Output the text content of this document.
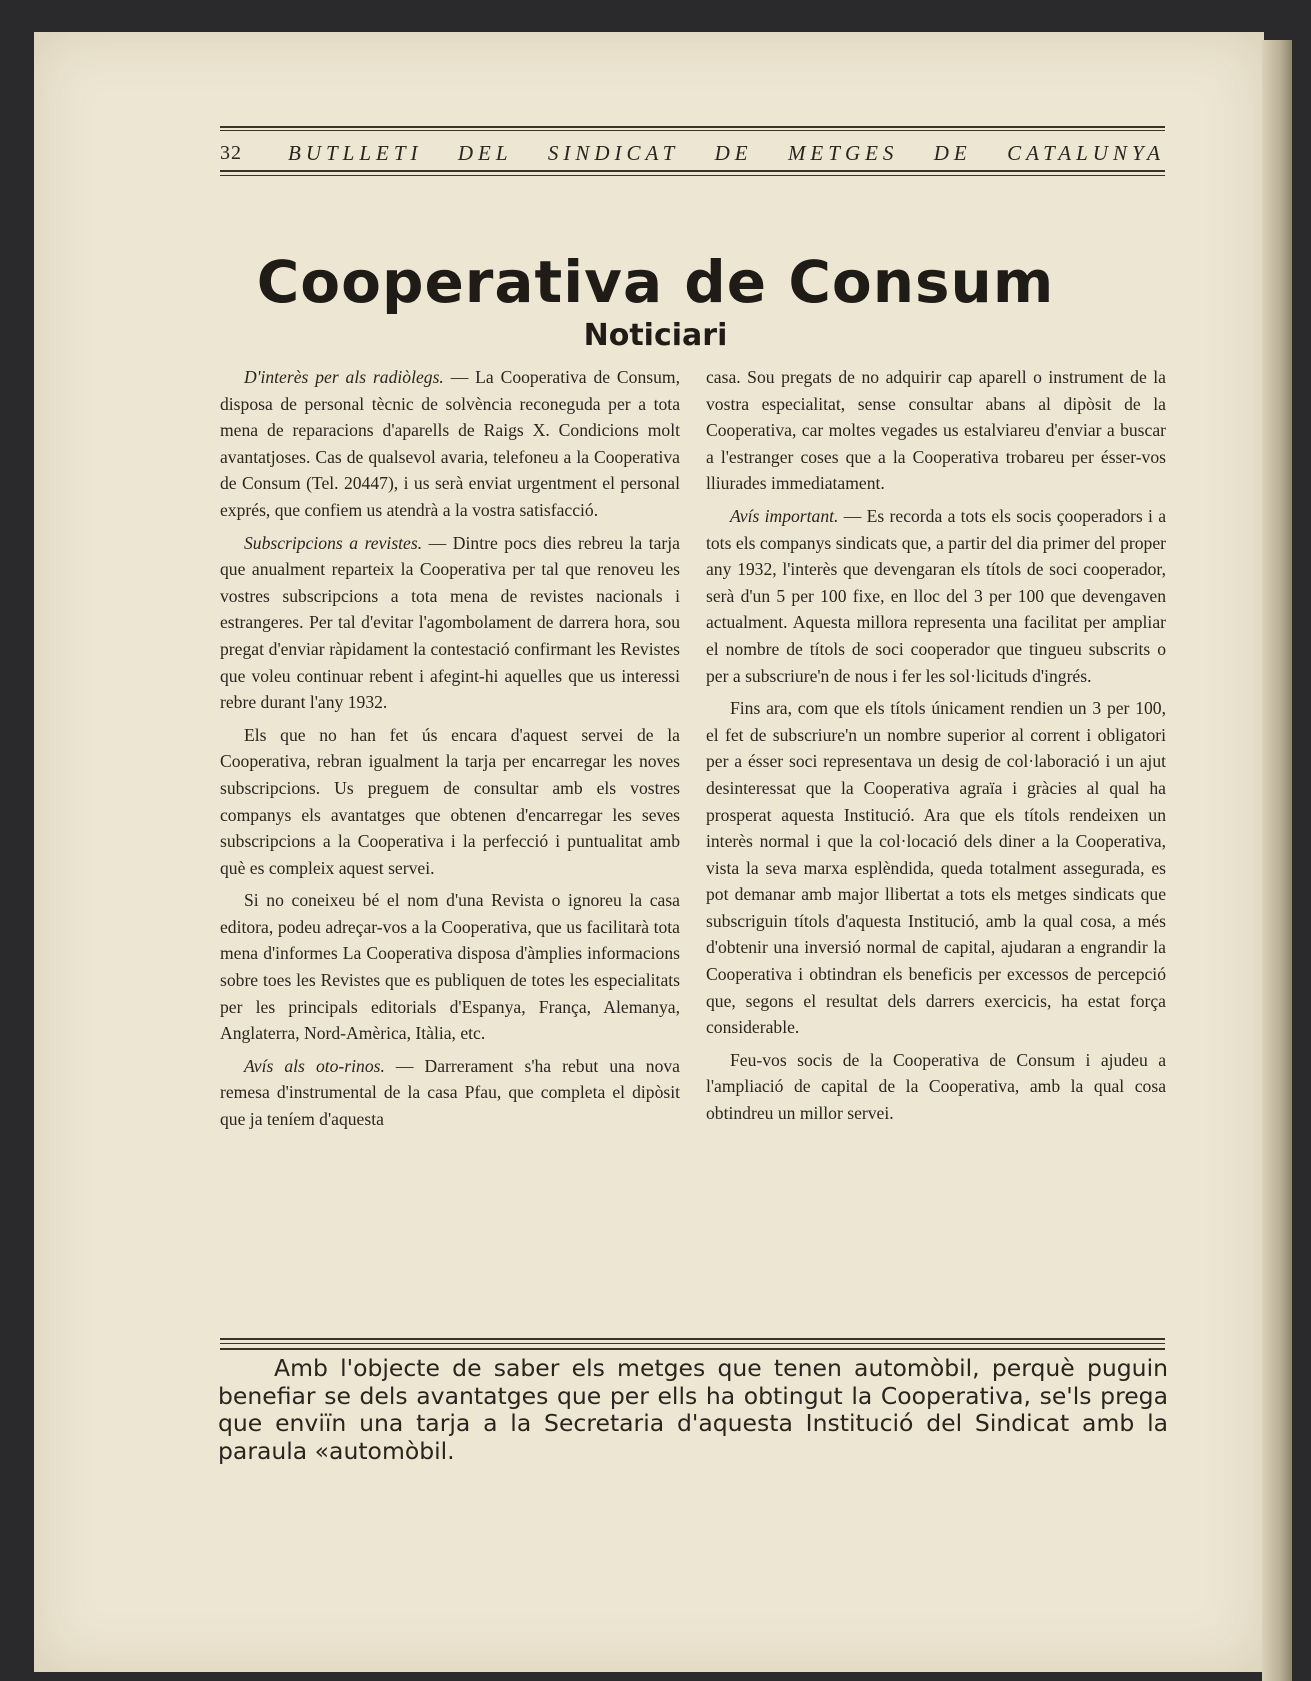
32 BUTLLETI DEL SINDICAT DE METGES DE CATALUNYA
Cooperativa de Consum
Noticiari

D'interès per als radiòlegs. — La Cooperativa de Consum, disposa de personal tècnic de solvència reconeguda per a tota mena de reparacions d'aparells de Raigs X. Condicions molt avantatjoses. Cas de qualsevol avaria, telefoneu a la Cooperativa de Consum (Tel. 20447), i us serà enviat urgentment el personal exprés, que confiem us atendrà a la vostra satisfacció.

Subscripcions a revistes. — Dintre pocs dies rebreu la tarja que anualment reparteix la Cooperativa per tal que renoveu les vostres subscripcions a tota mena de revistes nacionals i estrangeres. Per tal d'evitar l'agombolament de darrera hora, sou pregat d'enviar ràpidament la contestació confirmant les Revistes que voleu continuar rebent i afegint-hi aquelles que us interessi rebre durant l'any 1932.

Els que no han fet ús encara d'aquest servei de la Cooperativa, rebran igualment la tarja per encarregar les noves subscripcions. Us preguem de consultar amb els vostres companys els avantatges que obtenen d'encarregar les seves subscripcions a la Cooperativa i la perfecció i puntualitat amb què es compleix aquest servei.

Si no coneixeu bé el nom d'una Revista o ignoreu la casa editora, podeu adreçar-vos a la Cooperativa, que us facilitarà tota mena d'informes La Cooperativa disposa d'àmplies informacions sobre toes les Revistes que es publiquen de totes les especialitats per les principals editorials d'Espanya, França, Alemanya, Anglaterra, Nord-Amèrica, Itàlia, etc.

Avís als oto-rinos. — Darrerament s'ha rebut una nova remesa d'instrumental de la casa Pfau, que completa el dipòsit que ja teníem d'aquesta

casa. Sou pregats de no adquirir cap aparell o instrument de la vostra especialitat, sense consultar abans al dipòsit de la Cooperativa, car moltes vegades us estalviareu d'enviar a buscar a l'estranger coses que a la Cooperativa trobareu per ésser-vos lliurades immediatament.

Avís important. — Es recorda a tots els socis çooperadors i a tots els companys sindicats que, a partir del dia primer del proper any 1932, l'interès que devengaran els títols de soci cooperador, serà d'un 5 per 100 fixe, en lloc del 3 per 100 que devengaven actualment. Aquesta millora representa una facilitat per ampliar el nombre de títols de soci cooperador que tingueu subscrits o per a subscriure'n de nous i fer les sol·licituds d'ingrés.

Fins ara, com que els títols únicament rendien un 3 per 100, el fet de subscriure'n un nombre superior al corrent i obligatori per a ésser soci representava un desig de col·laboració i un ajut desinteressat que la Cooperativa agraïa i gràcies al qual ha prosperat aquesta Institució. Ara que els títols rendeixen un interès normal i que la col·locació dels diner a la Cooperativa, vista la seva marxa esplèndida, queda totalment assegurada, es pot demanar amb major llibertat a tots els metges sindicats que subscriguin títols d'aquesta Institució, amb la qual cosa, a més d'obtenir una inversió normal de capital, ajudaran a engrandir la Cooperativa i obtindran els beneficis per excessos de percepció que, segons el resultat dels darrers exercicis, ha estat força considerable.

Feu-vos socis de la Cooperativa de Consum i ajudeu a l'ampliació de capital de la Cooperativa, amb la qual cosa obtindreu un millor servei.

Amb l'objecte de saber els metges que tenen automòbil, perquè puguin benefiar se dels avantatges que per ells ha obtingut la Cooperativa, se'ls prega que enviïn una tarja a la Secretaria d'aquesta Institució del Sindicat amb la paraula «automòbil.
